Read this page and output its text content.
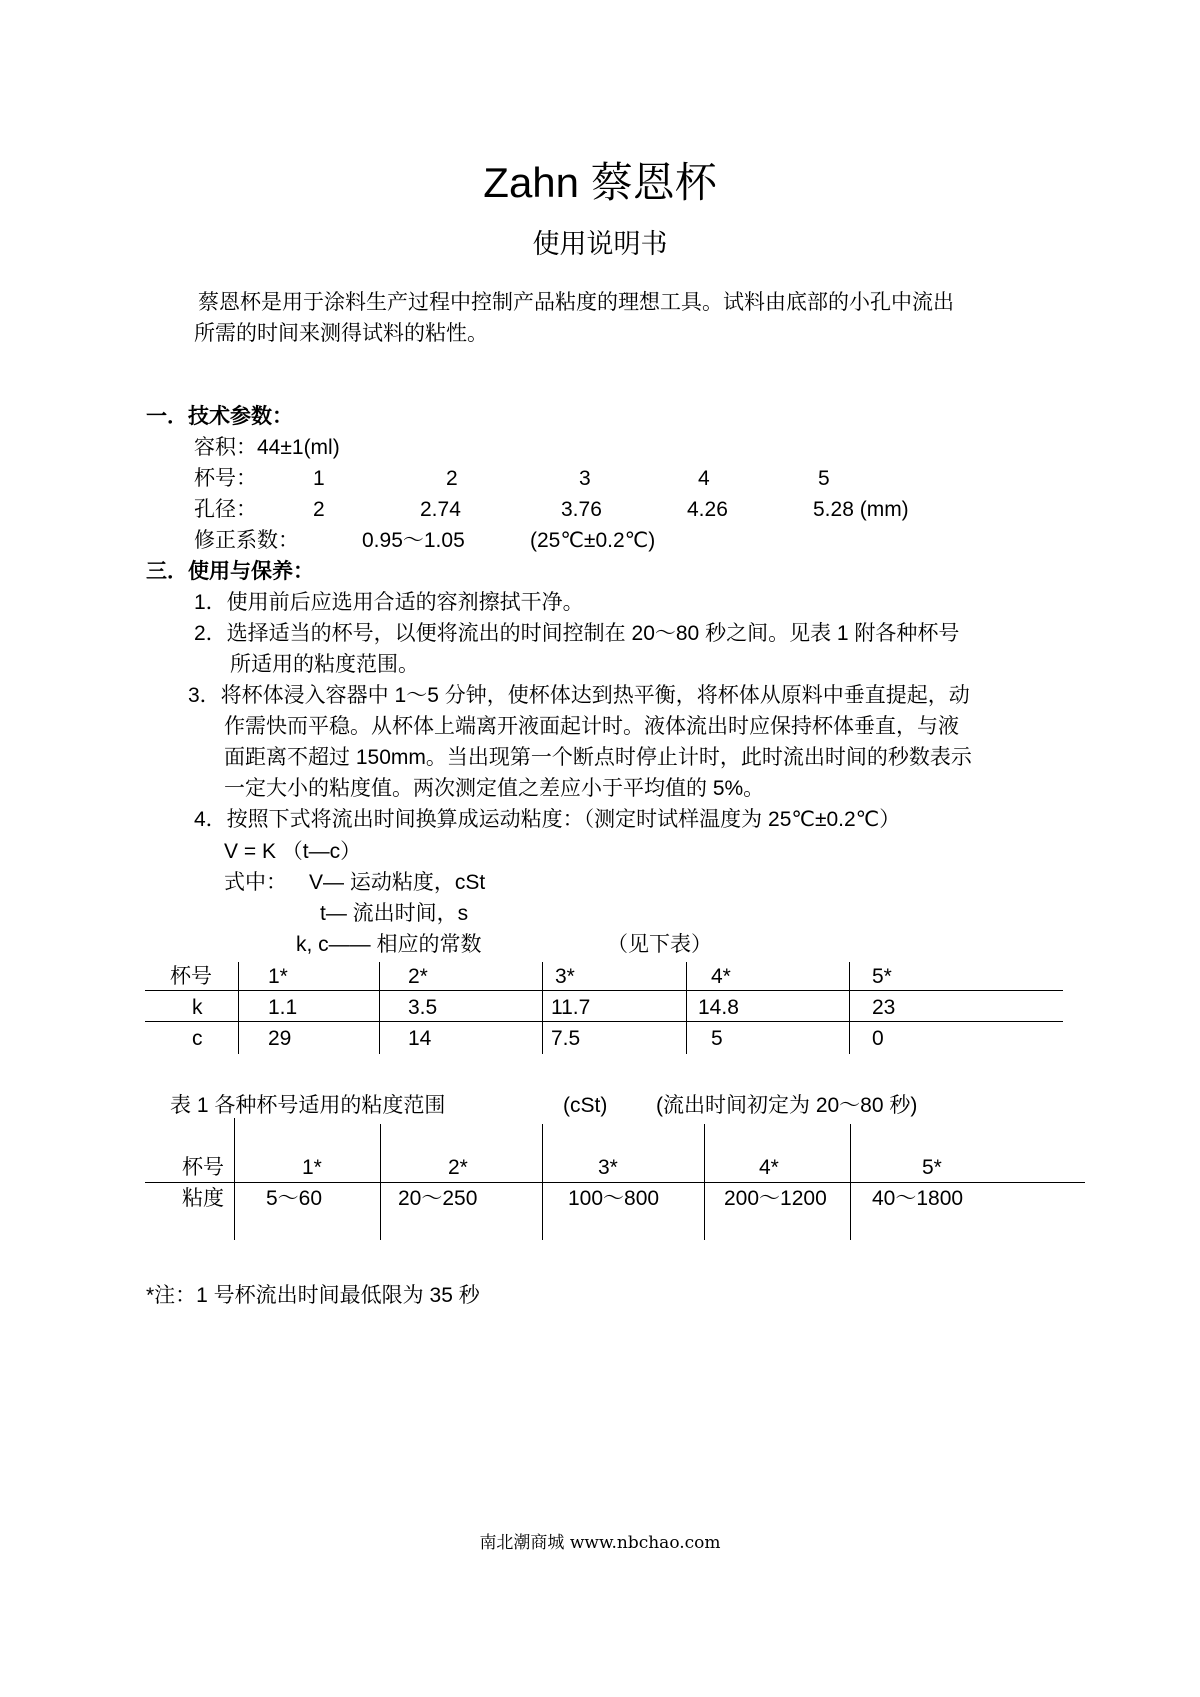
Zahn 蔡恩杯
使用说明书
蔡恩杯是用于涂料生产过程中控制产品粘度的理想工具。试料由底部的小孔中流出
所需的时间来测得试料的粘性。
一．技术参数：
容积：44±1(ml)
杯号：	1	2	3	4	5
孔径：	2	2.74	3.76	4.26	5.28 (mm)
修正系数：	0.95～1.05	(25℃±0.2℃)
三．使用与保养：
1．使用前后应选用合适的容剂擦拭干净。
2．选择适当的杯号，以便将流出的时间控制在 20～80 秒之间。见表 1 附各种杯号
所适用的粘度范围。
3．将杯体浸入容器中 1～5 分钟，使杯体达到热平衡，将杯体从原料中垂直提起，动
作需快而平稳。从杯体上端离开液面起计时。液体流出时应保持杯体垂直，与液
面距离不超过 150mm。当出现第一个断点时停止计时，此时流出时间的秒数表示
一定大小的粘度值。两次测定值之差应小于平均值的 5%。
4．按照下式将流出时间换算成运动粘度：（测定时试样温度为 25℃±0.2℃）
V = K （t—c）
式中： V— 运动粘度，cSt
t— 流出时间，s
k, c—— 相应的常数	（见下表）
杯号	1*	2*	3*	4*	5*
k	1.1	3.5	11.7	14.8	23
c	29	14	7.5	5	0
表 1 各种杯号适用的粘度范围	(cSt) (流出时间初定为 20～80 秒)
杯号	1*	2*	3*	4*	5*
粘度 5～60	20～250	100～800	200～1200 40～1800
*注：1 号杯流出时间最低限为 35 秒
南北潮商城 www.nbchao.com
